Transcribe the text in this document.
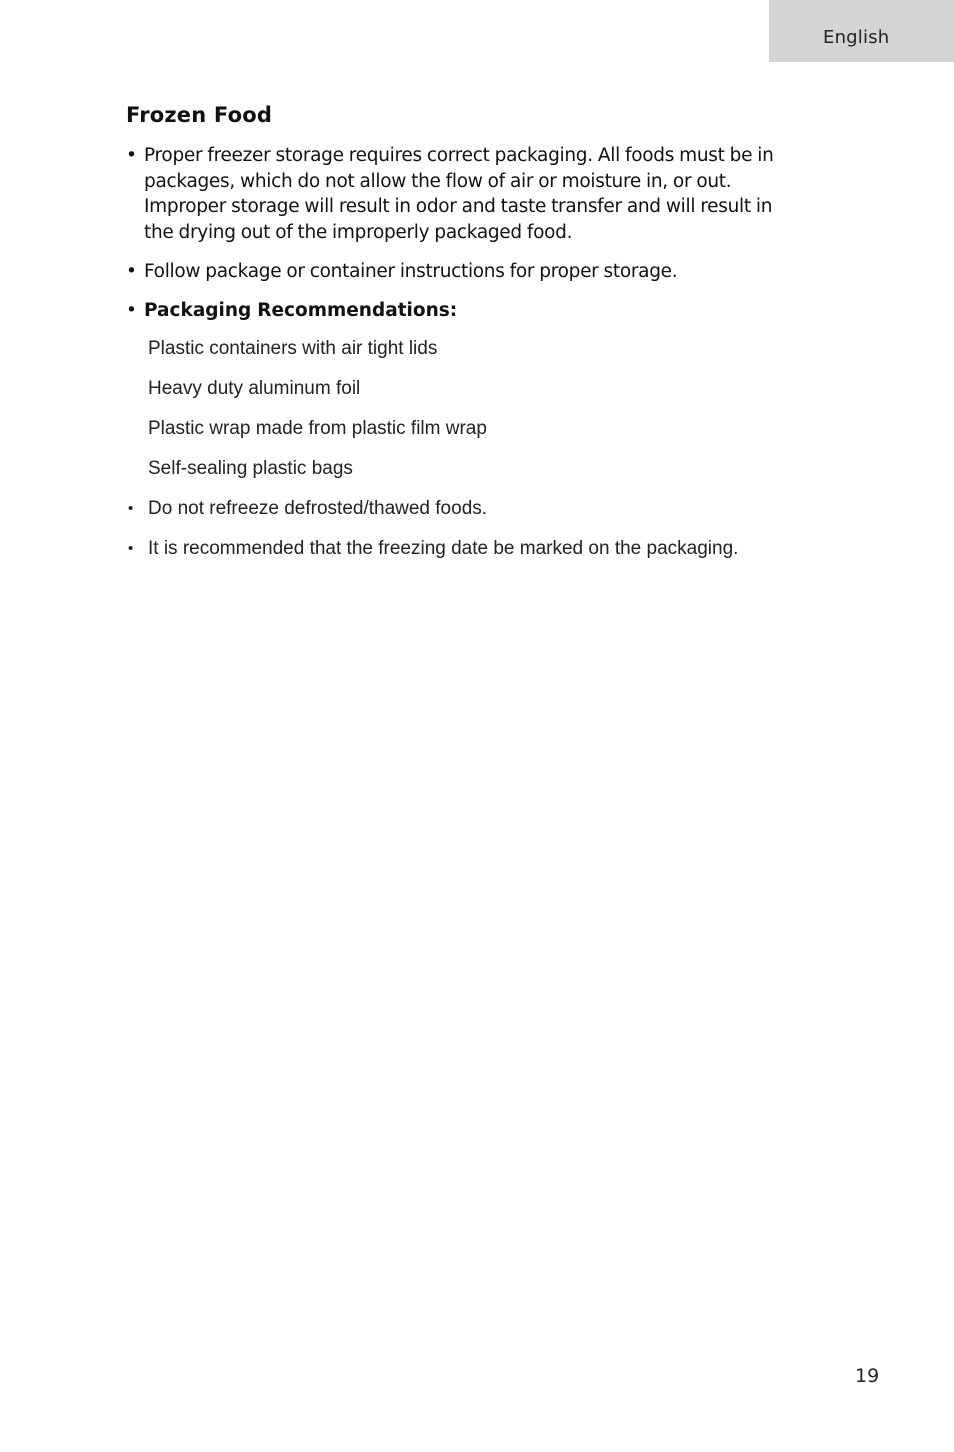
English
Frozen Food
• Proper freezer storage requires correct packaging. All foods must be in packages, which do not allow the flow of air or moisture in, or out. Improper storage will result in odor and taste transfer and will result in the drying out of the improperly packaged food.
• Follow package or container instructions for proper storage.
• Packaging Recommendations:
Plastic containers with air tight lids
Heavy duty aluminum foil
Plastic wrap made from plastic film wrap
Self-sealing plastic bags
• Do not refreeze defrosted/thawed foods.
• It is recommended that the freezing date be marked on the packaging.
19
